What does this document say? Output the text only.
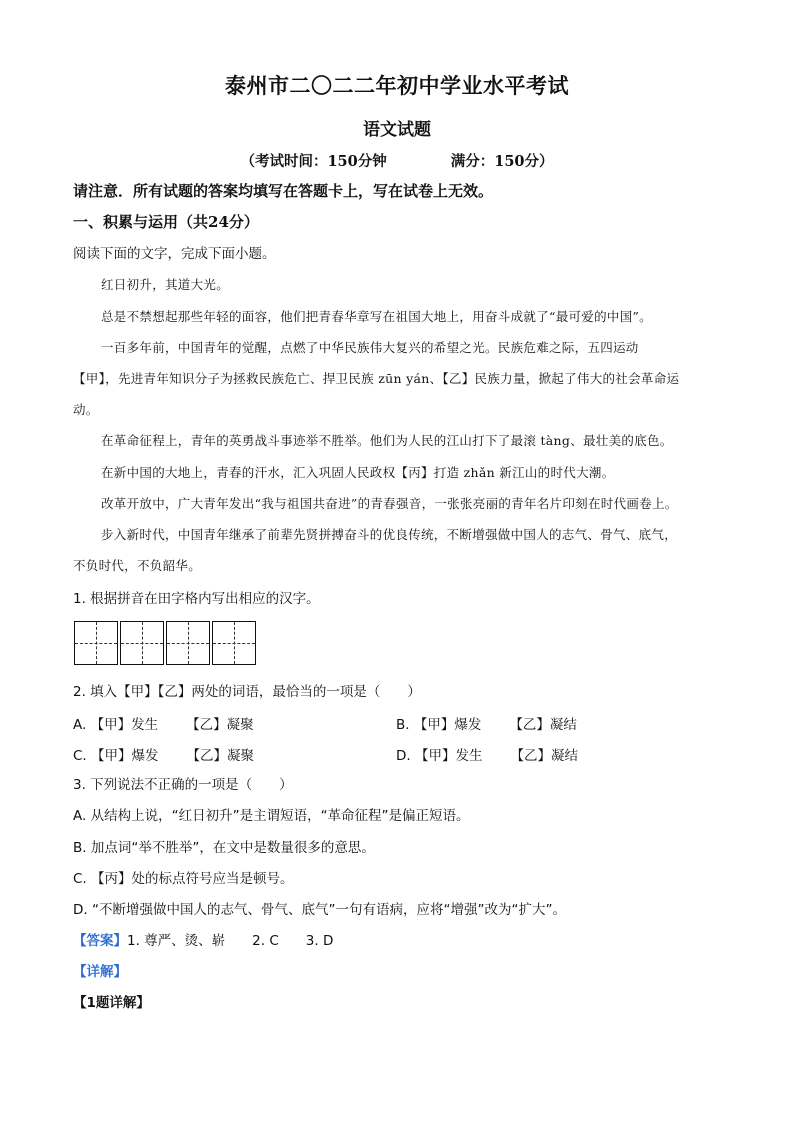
泰州市二〇二二年初中学业水平考试
语文试题
（考试时间：150分钟	满分：150分）
请注意．所有试题的答案均填写在答题卡上，写在试卷上无效。
一、积累与运用（共24分）
阅读下面的文字，完成下面小题。
红日初升，其道大光。
总是不禁想起那些年轻的面容，他们把青春华章写在祖国大地上，用奋斗成就了“最可爱的中国”。
一百多年前，中国青年的觉醒，点燃了中华民族伟大复兴的希望之光。民族危难之际，五四运动
【甲】，先进青年知识分子为拯救民族危亡、捍卫民族 zūn yán、【乙】民族力量，掀起了伟大的社会革命运
动。
在革命征程上，青年的英勇战斗事迹举不胜举。他们为人民的江山打下了最滚 tàng、最壮美的底色。
在新中国的大地上，青春的汗水，汇入巩固人民政权【丙】打造 zhǎn 新江山的时代大潮。
改革开放中，广大青年发出“我与祖国共奋进”的青春强音，一张张亮丽的青年名片印刻在时代画卷上。
步入新时代，中国青年继承了前辈先贤拼搏奋斗的优良传统，不断增强做中国人的志气、骨气、底气，
不负时代，不负韶华。
1. 根据拼音在田字格内写出相应的汉字。
2. 填入【甲】【乙】两处的词语，最恰当的一项是（　　）
A. 【甲】发生 【乙】凝聚	B. 【甲】爆发 【乙】凝结
C. 【甲】爆发 【乙】凝聚	D. 【甲】发生 【乙】凝结
3. 下列说法不正确的一项是（　　）
A. 从结构上说，“红日初升”是主谓短语，“革命征程”是偏正短语。
B. 加点词“举不胜举”，在文中是数量很多的意思。
C. 【丙】处的标点符号应当是顿号。
D. “不断增强做中国人的志气、骨气、底气”一句有语病，应将“增强”改为“扩大”。
【答案】1. 尊严、烫、崭　　2. C　　3. D
【详解】
【1题详解】
